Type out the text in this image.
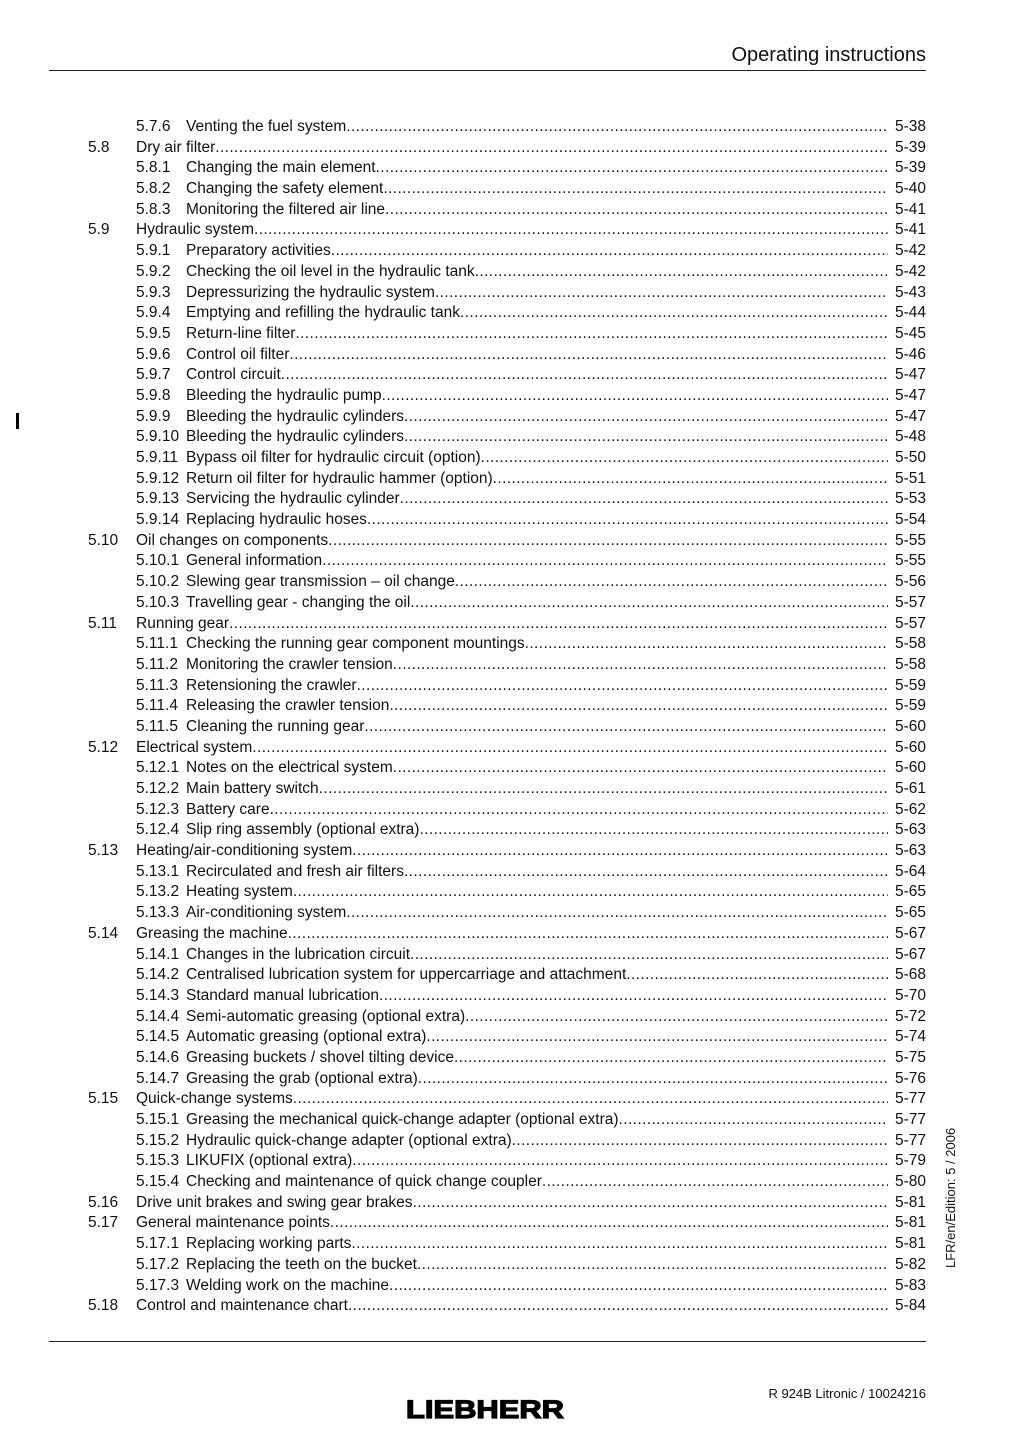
Operating instructions
5.7.6 Venting the fuel system .....	5-38
5.8 Dry air filter .....	5-39
5.8.1 Changing the main element .....	5-39
5.8.2 Changing the safety element .....	5-40
5.8.3 Monitoring the filtered air line .....	5-41
5.9 Hydraulic system .....	5-41
5.9.1 Preparatory activities .....	5-42
5.9.2 Checking the oil level in the hydraulic tank .....	5-42
5.9.3 Depressurizing the hydraulic system .....	5-43
5.9.4 Emptying and refilling the hydraulic tank .....	5-44
5.9.5 Return-line filter .....	5-45
5.9.6 Control oil filter .....	5-46
5.9.7 Control circuit .....	5-47
5.9.8 Bleeding the hydraulic pump .....	5-47
5.9.9 Bleeding the hydraulic cylinders .....	5-47
5.9.10 Bleeding the hydraulic cylinders .....	5-48
5.9.11 Bypass oil filter for hydraulic circuit (option) .....	5-50
5.9.12 Return oil filter for hydraulic hammer (option) .....	5-51
5.9.13 Servicing the hydraulic cylinder .....	5-53
5.9.14 Replacing hydraulic hoses .....	5-54
5.10 Oil changes on components .....	5-55
5.10.1 General information .....	5-55
5.10.2 Slewing gear transmission – oil change .....	5-56
5.10.3 Travelling gear - changing the oil .....	5-57
5.11 Running gear .....	5-57
5.11.1 Checking the running gear component mountings .....	5-58
5.11.2 Monitoring the crawler tension .....	5-58
5.11.3 Retensioning the crawler .....	5-59
5.11.4 Releasing the crawler tension .....	5-59
5.11.5 Cleaning the running gear .....	5-60
5.12 Electrical system .....	5-60
5.12.1 Notes on the electrical system .....	5-60
5.12.2 Main battery switch .....	5-61
5.12.3 Battery care .....	5-62
5.12.4 Slip ring assembly (optional extra) .....	5-63
5.13 Heating/air-conditioning system .....	5-63
5.13.1 Recirculated and fresh air filters .....	5-64
5.13.2 Heating system .....	5-65
5.13.3 Air-conditioning system .....	5-65
5.14 Greasing the machine .....	5-67
5.14.1 Changes in the lubrication circuit .....	5-67
5.14.2 Centralised lubrication system for uppercarriage and attachment .....	5-68
5.14.3 Standard manual lubrication .....	5-70
5.14.4 Semi-automatic greasing (optional extra) .....	5-72
5.14.5 Automatic greasing (optional extra) .....	5-74
5.14.6 Greasing buckets / shovel tilting device .....	5-75
5.14.7 Greasing the grab (optional extra) .....	5-76
5.15 Quick-change systems .....	5-77
5.15.1 Greasing the mechanical quick-change adapter (optional extra) .....	5-77
5.15.2 Hydraulic quick-change adapter (optional extra) .....	5-77
5.15.3 LIKUFIX (optional extra) .....	5-79
5.15.4 Checking and maintenance of quick change coupler .....	5-80
5.16 Drive unit brakes and swing gear brakes .....	5-81
5.17 General maintenance points .....	5-81
5.17.1 Replacing working parts .....	5-81
5.17.2 Replacing the teeth on the bucket .....	5-82
5.17.3 Welding work on the machine .....	5-83
5.18 Control and maintenance chart .....	5-84
LFR/en/Edition: 5 / 2006
LIEBHERR
R 924B Litronic / 10024216
